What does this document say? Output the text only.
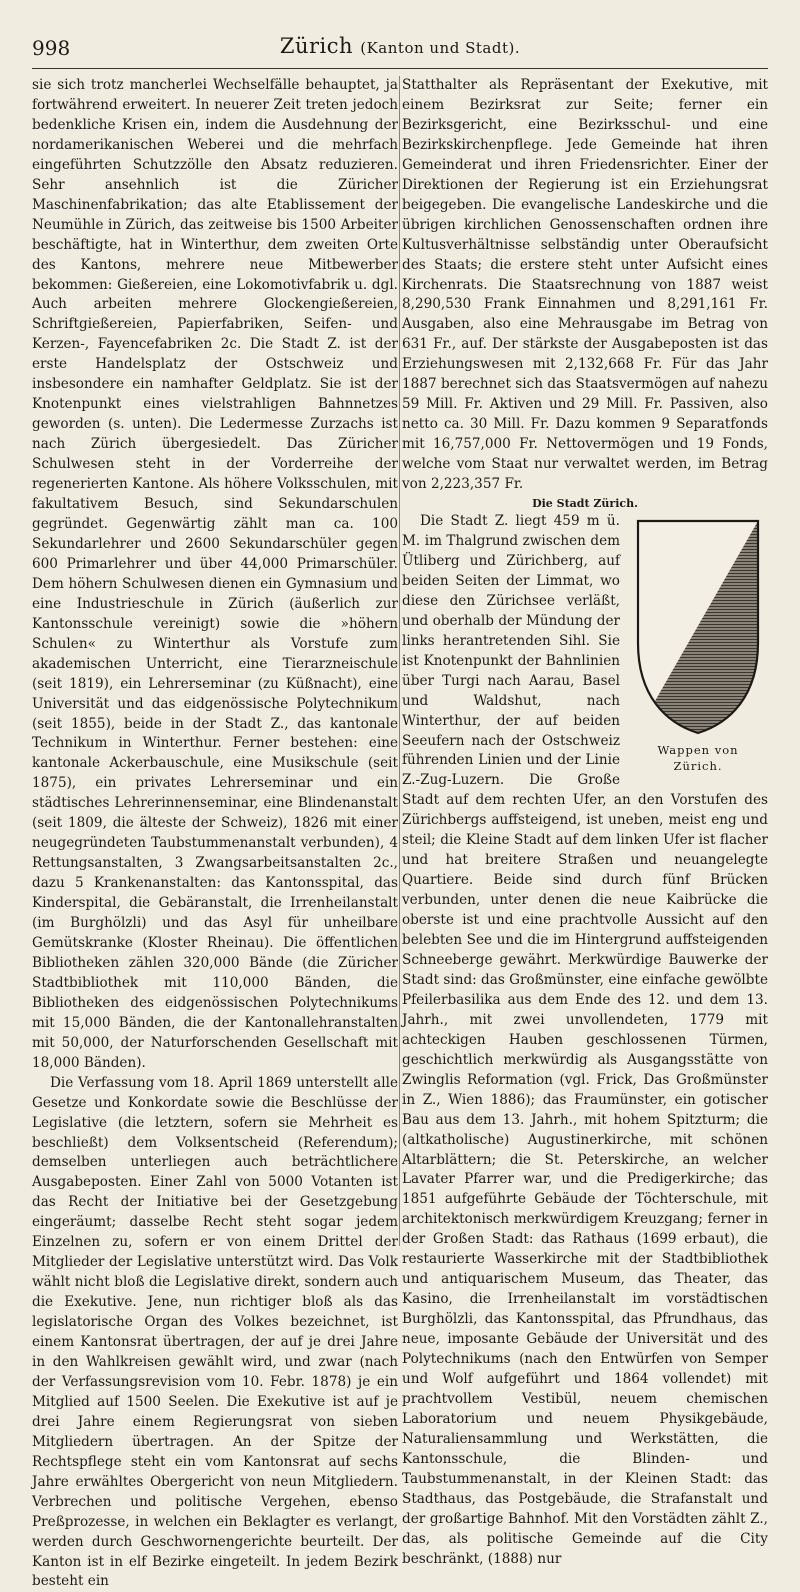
998	Zürich (Kanton und Stadt).

sie sich trotz mancherlei Wechselfälle behauptet, ja fortwährend erweitert. In neuerer Zeit treten jedoch bedenkliche Krisen ein, indem die Ausdehnung der nordamerikanischen Weberei und die mehrfach eingeführten Schutzzölle den Absatz reduzieren. Sehr ansehnlich ist die Züricher Maschinenfabrikation; das alte Etablissement der Neumühle in Zürich, das zeitweise bis 1500 Arbeiter beschäftigte, hat in Winterthur, dem zweiten Orte des Kantons, mehrere neue Mitbewerber bekommen: Gießereien, eine Lokomotivfabrik u. dgl. Auch arbeiten mehrere Glockengießereien, Schriftgießereien, Papierfabriken, Seifen- und Kerzen-, Fayencefabriken 2c. Die Stadt Z. ist der erste Handelsplatz der Ostschweiz und insbesondere ein namhafter Geldplatz. Sie ist der Knotenpunkt eines vielstrahligen Bahnnetzes geworden (s. unten). Die Ledermesse Zurzachs ist nach Zürich übergesiedelt. Das Züricher Schulwesen steht in der Vorderreihe der regenerierten Kantone. Als höhere Volksschulen, mit fakultativem Besuch, sind Sekundarschulen gegründet. Gegenwärtig zählt man ca. 100 Sekundarlehrer und 2600 Sekundarschüler gegen 600 Primarlehrer und über 44,000 Primarschüler. Dem höhern Schulwesen dienen ein Gymnasium und eine Industrieschule in Zürich (äußerlich zur Kantonsschule vereinigt) sowie die »höhern Schulen« zu Winterthur als Vorstufe zum akademischen Unterricht, eine Tierarzneischule (seit 1819), ein Lehrerseminar (zu Küßnacht), eine Universität und das eidgenössische Polytechnikum (seit 1855), beide in der Stadt Z., das kantonale Technikum in Winterthur. Ferner bestehen: eine kantonale Ackerbauschule, eine Musikschule (seit 1875), ein privates Lehrerseminar und ein städtisches Lehrerinnenseminar, eine Blindenanstalt (seit 1809, die älteste der Schweiz), 1826 mit einer neugegründeten Taubstummenanstalt verbunden), 4 Rettungsanstalten, 3 Zwangsarbeitsanstalten 2c., dazu 5 Krankenanstalten: das Kantonsspital, das Kinderspital, die Gebäranstalt, die Irrenheilanstalt (im Burghölzli) und das Asyl für unheilbare Gemütskranke (Kloster Rheinau). Die öffentlichen Bibliotheken zählen 320,000 Bände (die Züricher Stadtbibliothek mit 110,000 Bänden, die Bibliotheken des eidgenössischen Polytechnikums mit 15,000 Bänden, die der Kantonallehranstalten mit 50,000, der Naturforschenden Gesellschaft mit 18,000 Bänden).

Die Verfassung vom 18. April 1869 unterstellt alle Gesetze und Konkordate sowie die Beschlüsse der Legislative (die letztern, sofern sie Mehrheit es beschließt) dem Volksentscheid (Referendum); demselben unterliegen auch beträchtlichere Ausgabeposten. Einer Zahl von 5000 Votanten ist das Recht der Initiative bei der Gesetzgebung eingeräumt; dasselbe Recht steht sogar jedem Einzelnen zu, sofern er von einem Drittel der Mitglieder der Legislative unterstützt wird. Das Volk wählt nicht bloß die Legislative direkt, sondern auch die Exekutive. Jene, nun richtiger bloß als das legislatorische Organ des Volkes bezeichnet, ist einem Kantonsrat übertragen, der auf je drei Jahre in den Wahlkreisen gewählt wird, und zwar (nach der Verfassungsrevision vom 10. Febr. 1878) je ein Mitglied auf 1500 Seelen. Die Exekutive ist auf je drei Jahre einem Regierungsrat von sieben Mitgliedern übertragen. An der Spitze der Rechtspflege steht ein vom Kantonsrat auf sechs Jahre erwähltes Obergericht von neun Mitgliedern. Verbrechen und politische Vergehen, ebenso Preßprozesse, in welchen ein Beklagter es verlangt, werden durch Geschwornengerichte beurteilt. Der Kanton ist in elf Bezirke eingeteilt. In jedem Bezirk besteht ein

Statthalter als Repräsentant der Exekutive, mit einem Bezirksrat zur Seite; ferner ein Bezirksgericht, eine Bezirksschul- und eine Bezirkskirchenpflege. Jede Gemeinde hat ihren Gemeinderat und ihren Friedensrichter. Einer der Direktionen der Regierung ist ein Erziehungsrat beigegeben. Die evangelische Landeskirche und die übrigen kirchlichen Genossenschaften ordnen ihre Kultusverhältnisse selbständig unter Oberaufsicht des Staats; die erstere steht unter Aufsicht eines Kirchenrats. Die Staatsrechnung von 1887 weist 8,290,530 Frank Einnahmen und 8,291,161 Fr. Ausgaben, also eine Mehrausgabe im Betrag von 631 Fr., auf. Der stärkste der Ausgabeposten ist das Erziehungswesen mit 2,132,668 Fr. Für das Jahr 1887 berechnet sich das Staatsvermögen auf nahezu 59 Mill. Fr. Aktiven und 29 Mill. Fr. Passiven, also netto ca. 30 Mill. Fr. Dazu kommen 9 Separatfonds mit 16,757,000 Fr. Nettovermögen und 19 Fonds, welche vom Staat nur verwaltet werden, im Betrag von 2,223,357 Fr.

Die Stadt Zürich.
Wappen von
Zürich.

Die Stadt Z. liegt 459 m ü. M. im Thalgrund zwischen dem Ütliberg und Zürichberg, auf beiden Seiten der Limmat, wo diese den Zürichsee verläßt, und oberhalb der Mündung der links herantretenden Sihl. Sie ist Knotenpunkt der Bahnlinien über Turgi nach Aarau, Basel und Waldshut, nach Winterthur, der auf beiden Seeufern nach der Ostschweiz führenden Linien und der Linie Z.-Zug-Luzern. Die Große Stadt auf dem rechten Ufer, an den Vorstufen des Zürichbergs auffsteigend, ist uneben, meist eng und steil; die Kleine Stadt auf dem linken Ufer ist flacher und hat breitere Straßen und neuangelegte Quartiere. Beide sind durch fünf Brücken verbunden, unter denen die neue Kaibrücke die oberste ist und eine prachtvolle Aussicht auf den belebten See und die im Hintergrund auffsteigenden Schneeberge gewährt. Merkwürdige Bauwerke der Stadt sind: das Großmünster, eine einfache gewölbte Pfeilerbasilika aus dem Ende des 12. und dem 13. Jahrh., mit zwei unvollendeten, 1779 mit achteckigen Hauben geschlossenen Türmen, geschichtlich merkwürdig als Ausgangsstätte von Zwinglis Reformation (vgl. Frick, Das Großmünster in Z., Wien 1886); das Fraumünster, ein gotischer Bau aus dem 13. Jahrh., mit hohem Spitzturm; die (altkatholische) Augustinerkirche, mit schönen Altarblättern; die St. Peterskirche, an welcher Lavater Pfarrer war, und die Predigerkirche; das 1851 aufgeführte Gebäude der Töchterschule, mit architektonisch merkwürdigem Kreuzgang; ferner in der Großen Stadt: das Rathaus (1699 erbaut), die restaurierte Wasserkirche mit der Stadtbibliothek und antiquarischem Museum, das Theater, das Kasino, die Irrenheilanstalt im vorstädtischen Burghölzli, das Kantonsspital, das Pfrundhaus, das neue, imposante Gebäude der Universität und des Polytechnikums (nach den Entwürfen von Semper und Wolf aufgeführt und 1864 vollendet) mit prachtvollem Vestibül, neuem chemischen Laboratorium und neuem Physikgebäude, Naturaliensammlung und Werkstätten, die Kantonsschule, die Blinden- und Taubstummenanstalt, in der Kleinen Stadt: das Stadthaus, das Postgebäude, die Strafanstalt und der großartige Bahnhof. Mit den Vorstädten zählt Z., das, als politische Gemeinde auf die City beschränkt, (1888) nur
